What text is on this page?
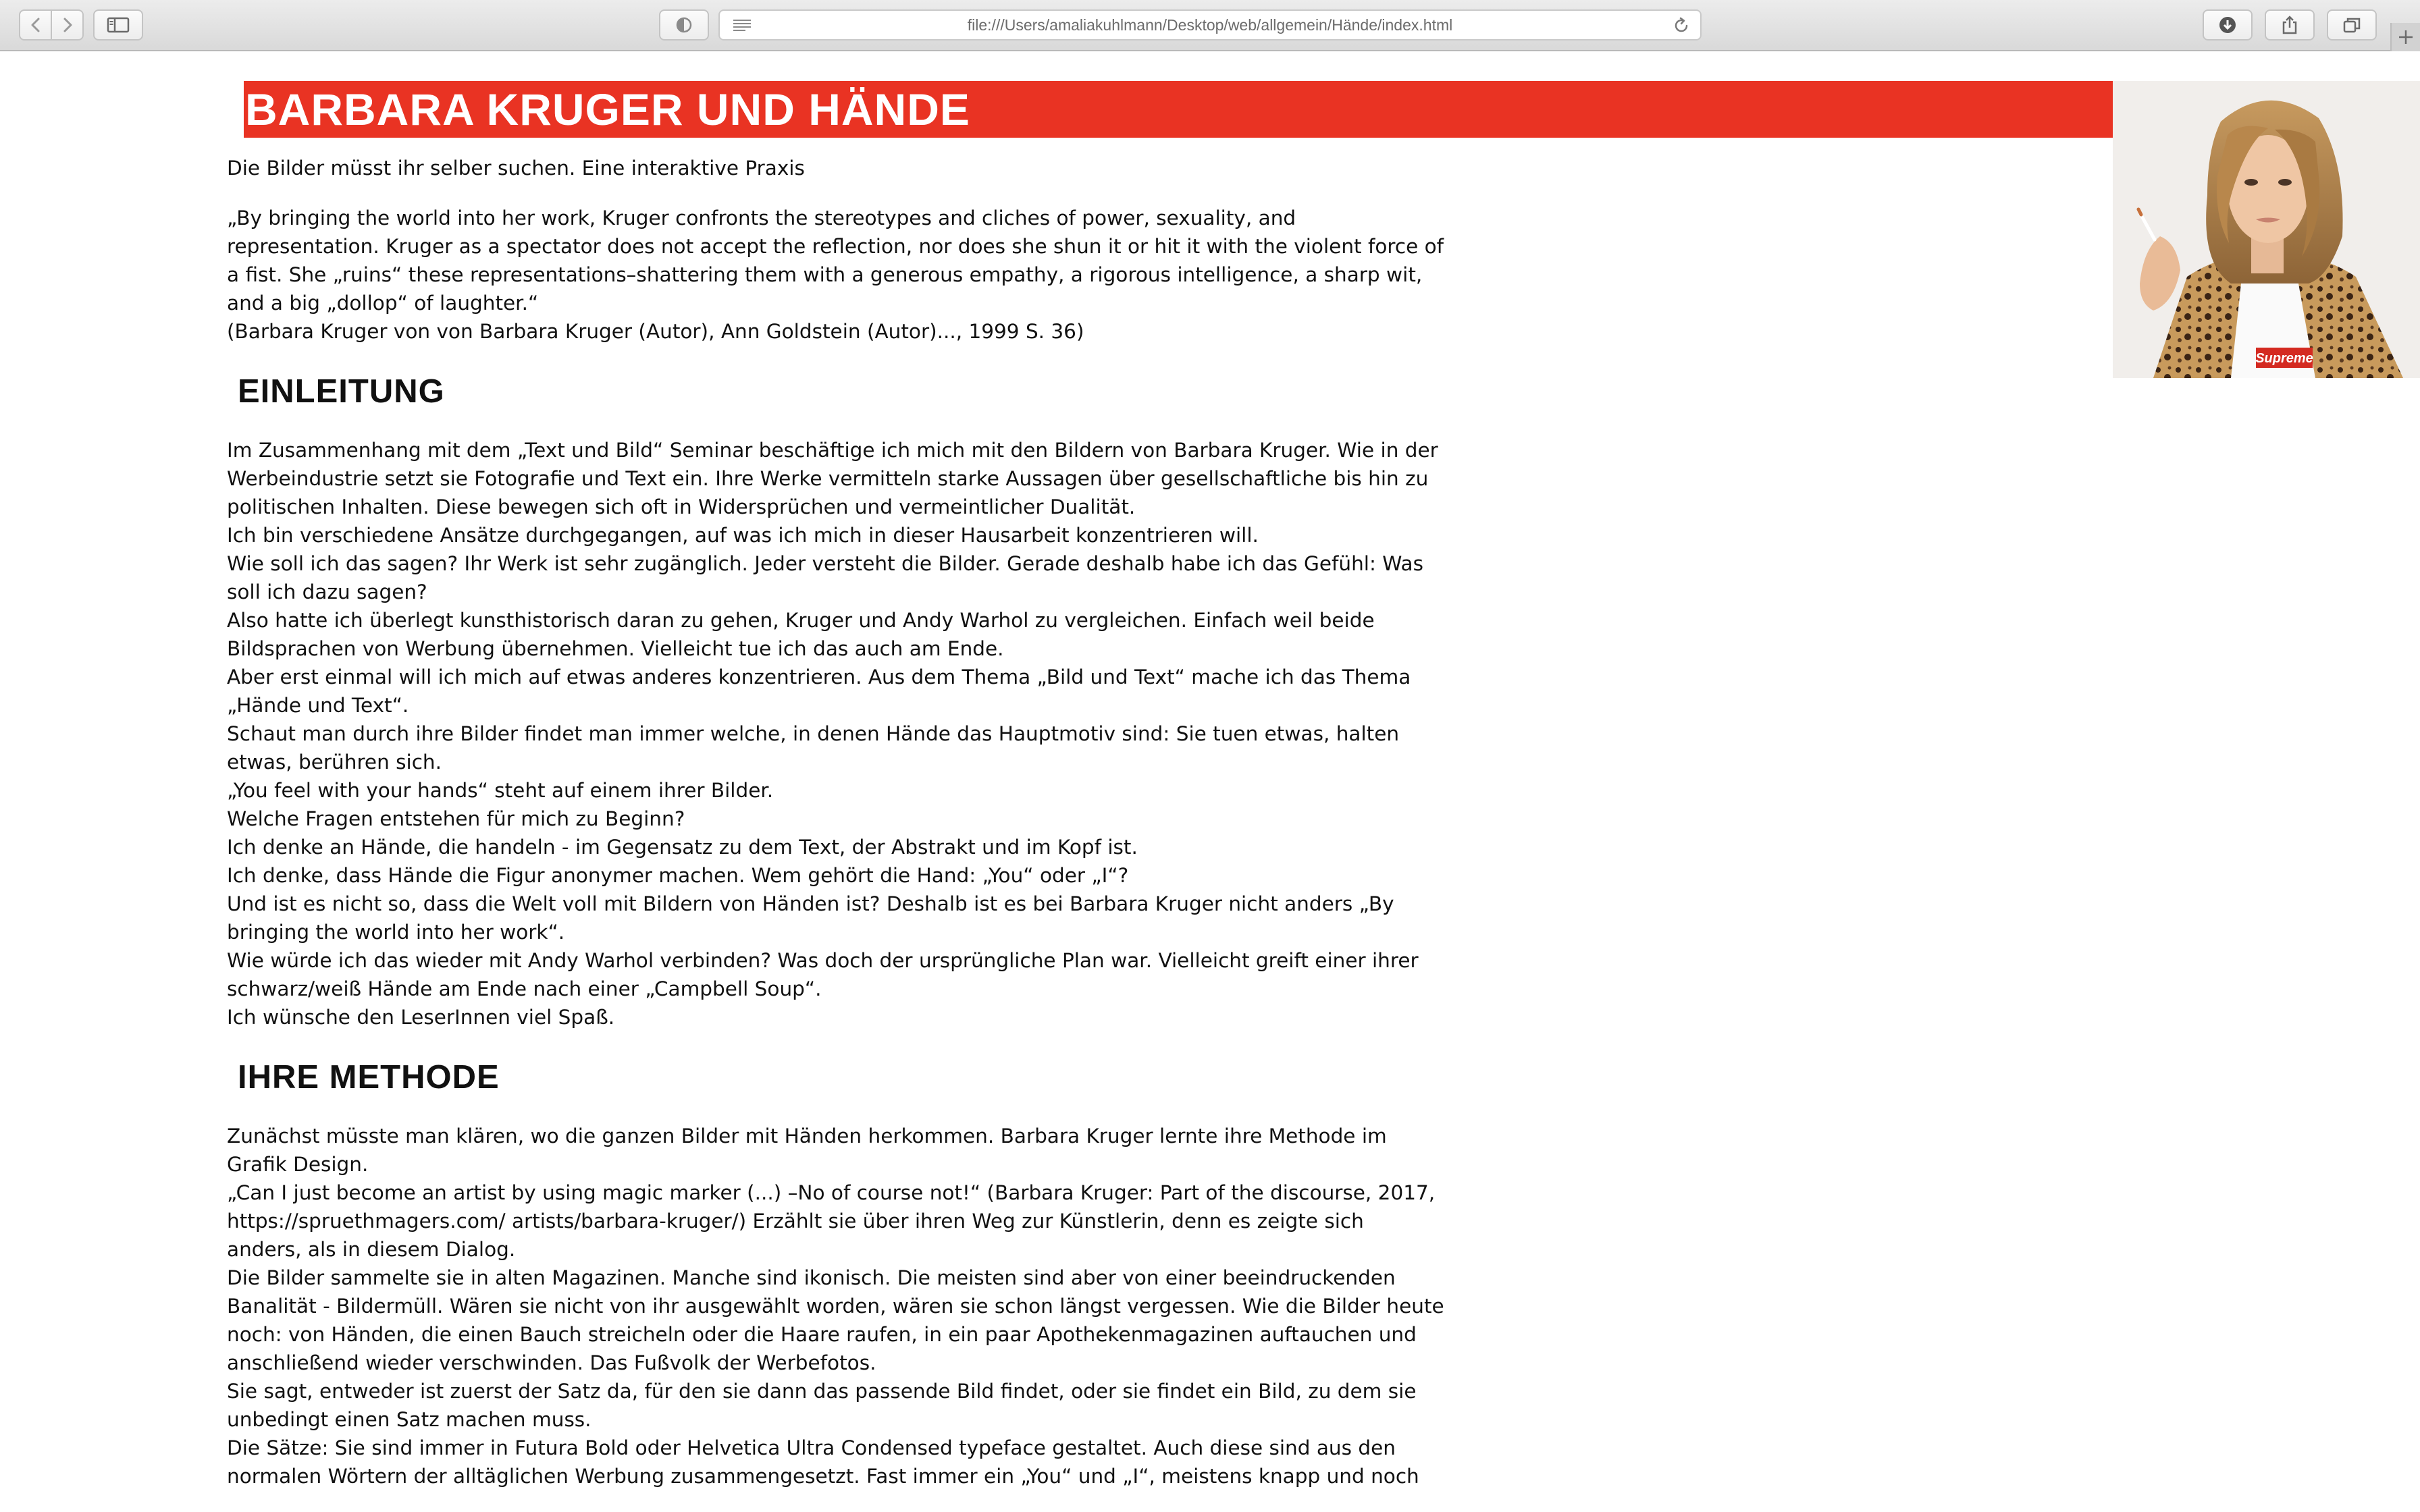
file:///Users/amaliakuhlmann/Desktop/web/allgemein/Hände/index.html
BARBARA KRUGER UND HÄNDE
Supreme

Die Bilder müsst ihr selber suchen. Eine interaktive Praxis

„By bringing the world into her work, Kruger confronts the stereotypes and cliches of power, sexuality, and

representation. Kruger as a spectator does not accept the reflection, nor does she shun it or hit it with the violent force of

a fist. She „ruins“ these representations–shattering them with a generous empathy, a rigorous intelligence, a sharp wit,

and a big „dollop“ of laughter.“

(Barbara Kruger von von Barbara Kruger (Autor), Ann Goldstein (Autor)..., 1999 S. 36)

EINLEITUNG

Im Zusammenhang mit dem „Text und Bild“ Seminar beschäftige ich mich mit den Bildern von Barbara Kruger. Wie in der

Werbeindustrie setzt sie Fotografie und Text ein. Ihre Werke vermitteln starke Aussagen über gesellschaftliche bis hin zu

politischen Inhalten. Diese bewegen sich oft in Widersprüchen und vermeintlicher Dualität.

Ich bin verschiedene Ansätze durchgegangen, auf was ich mich in dieser Hausarbeit konzentrieren will.

Wie soll ich das sagen? Ihr Werk ist sehr zugänglich. Jeder versteht die Bilder. Gerade deshalb habe ich das Gefühl: Was

soll ich dazu sagen?

Also hatte ich überlegt kunsthistorisch daran zu gehen, Kruger und Andy Warhol zu vergleichen. Einfach weil beide

Bildsprachen von Werbung übernehmen. Vielleicht tue ich das auch am Ende.

Aber erst einmal will ich mich auf etwas anderes konzentrieren. Aus dem Thema „Bild und Text“ mache ich das Thema

„Hände und Text“.

Schaut man durch ihre Bilder findet man immer welche, in denen Hände das Hauptmotiv sind: Sie tuen etwas, halten

etwas, berühren sich.

„You feel with your hands“ steht auf einem ihrer Bilder.

Welche Fragen entstehen für mich zu Beginn?

Ich denke an Hände, die handeln - im Gegensatz zu dem Text, der Abstrakt und im Kopf ist.

Ich denke, dass Hände die Figur anonymer machen. Wem gehört die Hand: „You“ oder „I“?

Und ist es nicht so, dass die Welt voll mit Bildern von Händen ist? Deshalb ist es bei Barbara Kruger nicht anders „By

bringing the world into her work“.

Wie würde ich das wieder mit Andy Warhol verbinden? Was doch der ursprüngliche Plan war. Vielleicht greift einer ihrer

schwarz/weiß Hände am Ende nach einer „Campbell Soup“.

Ich wünsche den LeserInnen viel Spaß.

IHRE METHODE

Zunächst müsste man klären, wo die ganzen Bilder mit Händen herkommen. Barbara Kruger lernte ihre Methode im

Grafik Design.

„Can I just become an artist by using magic marker (...) –No of course not!“ (Barbara Kruger: Part of the discourse, 2017,

https://spruethmagers.com/ artists/barbara-kruger/) Erzählt sie über ihren Weg zur Künstlerin, denn es zeigte sich

anders, als in diesem Dialog.

Die Bilder sammelte sie in alten Magazinen. Manche sind ikonisch. Die meisten sind aber von einer beeindruckenden

Banalität - Bildermüll. Wären sie nicht von ihr ausgewählt worden, wären sie schon längst vergessen. Wie die Bilder heute

noch: von Händen, die einen Bauch streicheln oder die Haare raufen, in ein paar Apothekenmagazinen auftauchen und

anschließend wieder verschwinden. Das Fußvolk der Werbefotos.

Sie sagt, entweder ist zuerst der Satz da, für den sie dann das passende Bild findet, oder sie findet ein Bild, zu dem sie

unbedingt einen Satz machen muss.

Die Sätze: Sie sind immer in Futura Bold oder Helvetica Ultra Condensed typeface gestaltet. Auch diese sind aus den

normalen Wörtern der alltäglichen Werbung zusammengesetzt. Fast immer ein „You“ und „I“, meistens knapp und noch
